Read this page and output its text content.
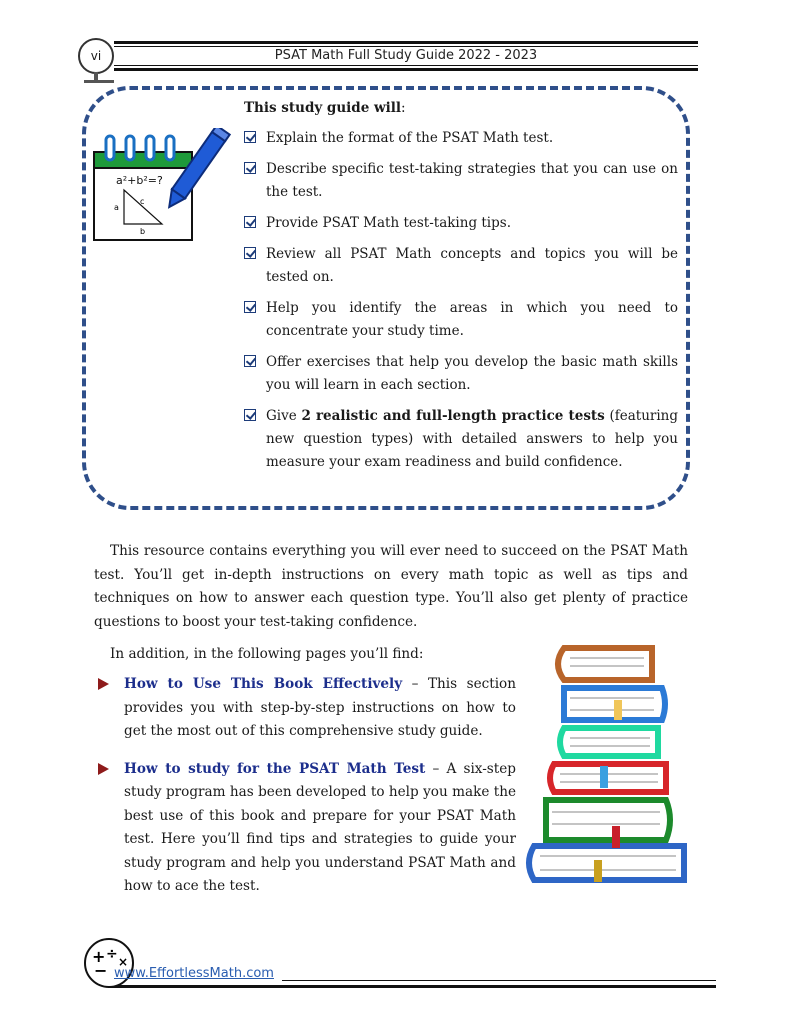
vi	PSAT Math Full Study Guide 2022 - 2023
a²+b²=?
a
c
b
This study guide will:
Explain the format of the PSAT Math test.
Describe specific test-taking strategies that you can use on the test.
Provide PSAT Math test-taking tips.
Review all PSAT Math concepts and topics you will be tested on.
Help you identify the areas in which you need to concentrate your study time.
Offer exercises that help you develop the basic math skills you will learn in each section.
Give 2 realistic and full-length practice tests (featuring new question types) with detailed answers to help you measure your exam readiness and build confidence.

This resource contains everything you will ever need to succeed on the PSAT Math test. You’ll get in-depth instructions on every math topic as well as tips and techniques on how to answer each question type. You’ll also get plenty of practice questions to boost your test-taking confidence.

In addition, in the following pages you’ll find:
How to Use This Book Effectively – This section provides you with step-by-step instructions on how to get the most out of this comprehensive study guide.
How to study for the PSAT Math Test – A six-step study program has been developed to help you make the best use of this book and prepare for your PSAT Math test. Here you’ll find tips and strategies to guide your study program and help you understand PSAT Math and how to ace the test.
+ ÷ ×
− www.EffortlessMath.com
